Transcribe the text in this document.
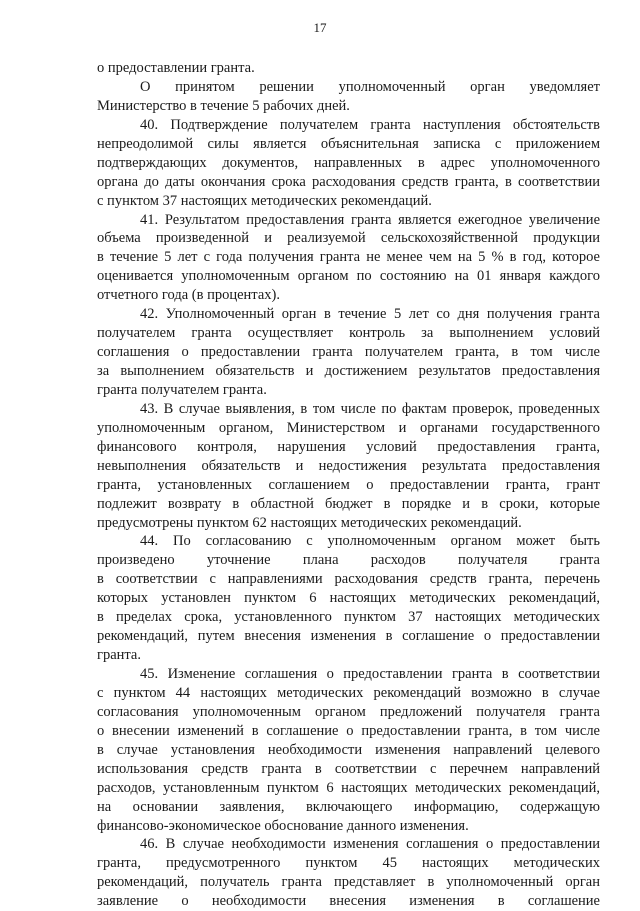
17
о предоставлении гранта.
О принятом решении уполномоченный орган уведомляет
Министерство в течение 5 рабочих дней.
40. Подтверждение получателем гранта наступления обстоятельств
непреодолимой силы является объяснительная записка с приложением
подтверждающих документов, направленных в адрес уполномоченного
органа до даты окончания срока расходования средств гранта, в соответствии
с пунктом 37 настоящих методических рекомендаций.
41. Результатом предоставления гранта является ежегодное увеличение
объема произведенной и реализуемой сельскохозяйственной продукции
в течение 5 лет с года получения гранта не менее чем на 5 % в год, которое
оценивается уполномоченным органом по состоянию на 01 января каждого
отчетного года (в процентах).
42. Уполномоченный орган в течение 5 лет со дня получения гранта
получателем гранта осуществляет контроль за выполнением условий
соглашения о предоставлении гранта получателем гранта, в том числе
за выполнением обязательств и достижением результатов предоставления
гранта получателем гранта.
43. В случае выявления, в том числе по фактам проверок, проведенных
уполномоченным органом, Министерством и органами государственного
финансового контроля, нарушения условий предоставления гранта,
невыполнения обязательств и недостижения результата предоставления
гранта, установленных соглашением о предоставлении гранта, грант
подлежит возврату в областной бюджет в порядке и в сроки, которые
предусмотрены пунктом 62 настоящих методических рекомендаций.
44. По согласованию с уполномоченным органом может быть
произведено уточнение плана расходов получателя гранта
в соответствии с направлениями расходования средств гранта, перечень
которых установлен пунктом 6 настоящих методических рекомендаций,
в пределах срока, установленного пунктом 37 настоящих методических
рекомендаций, путем внесения изменения в соглашение о предоставлении
гранта.
45. Изменение соглашения о предоставлении гранта в соответствии
с пунктом 44 настоящих методических рекомендаций возможно в случае
согласования уполномоченным органом предложений получателя гранта
о внесении изменений в соглашение о предоставлении гранта, в том числе
в случае установления необходимости изменения направлений целевого
использования средств гранта в соответствии с перечнем направлений
расходов, установленным пунктом 6 настоящих методических рекомендаций,
на основании заявления, включающего информацию, содержащую
финансово-экономическое обоснование данного изменения.
46. В случае необходимости изменения соглашения о предоставлении
гранта, предусмотренного пунктом 45 настоящих методических
рекомендаций, получатель гранта представляет в уполномоченный орган
заявление о необходимости внесения изменения в соглашение
